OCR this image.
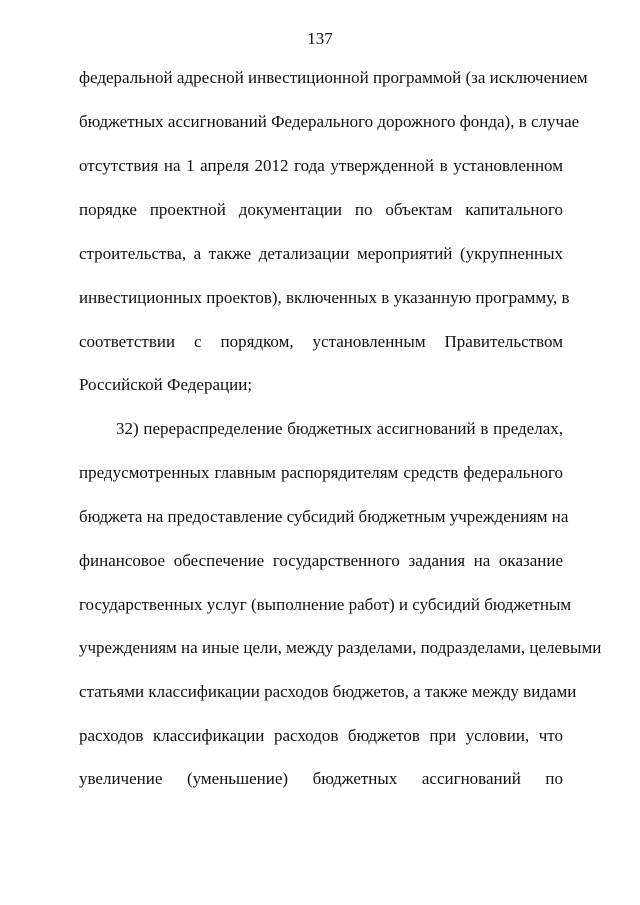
137
федеральной адресной инвестиционной программой (за исключением
бюджетных ассигнований Федерального дорожного фонда), в случае
отсутствия на 1 апреля 2012 года утвержденной в установленном
порядке проектной документации по объектам капитального
строительства, а также детализации мероприятий (укрупненных
инвестиционных проектов), включенных в указанную программу, в
соответствии с порядком, установленным Правительством
Российской Федерации;
32) перераспределение бюджетных ассигнований в пределах,
предусмотренных главным распорядителям средств федерального
бюджета на предоставление субсидий бюджетным учреждениям на
финансовое обеспечение государственного задания на оказание
государственных услуг (выполнение работ) и субсидий бюджетным
учреждениям на иные цели, между разделами, подразделами, целевыми
статьями классификации расходов бюджетов, а также между видами
расходов классификации расходов бюджетов при условии, что
увеличение (уменьшение) бюджетных ассигнований по
